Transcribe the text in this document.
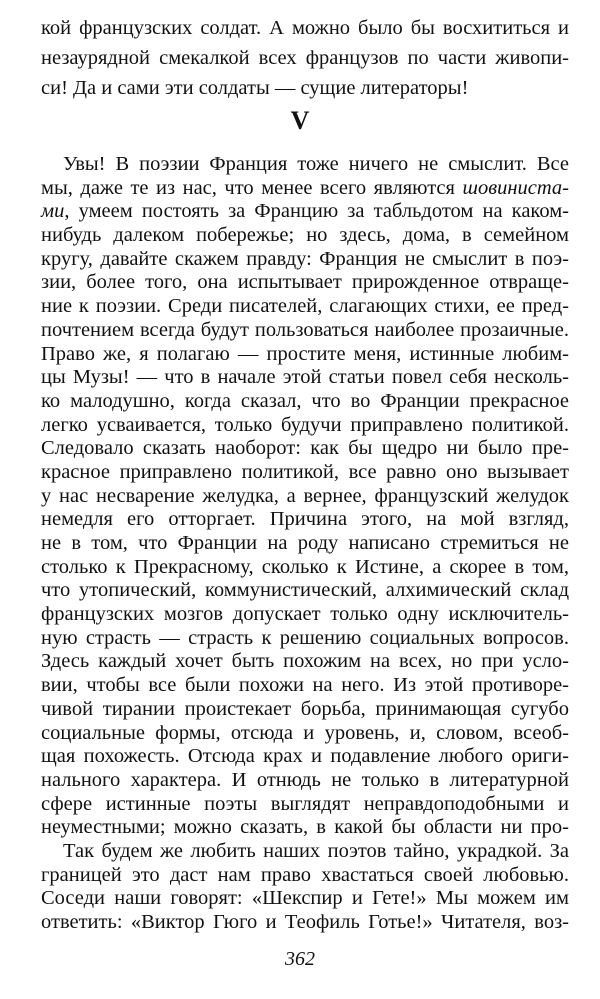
кой французских солдат. А можно было бы восхититься и
незаурядной смекалкой всех французов по части живопи-
си! Да и сами эти солдаты — сущие литераторы!
V
Увы! В поэзии Франция тоже ничего не смыслит. Все
мы, даже те из нас, что менее всего являются шовиниста-
ми, умеем постоять за Францию за табльдотом на каком-
нибудь далеком побережье; но здесь, дома, в семейном
кругу, давайте скажем правду: Франция не смыслит в поэ-
зии, более того, она испытывает прирожденное отвраще-
ние к поэзии. Среди писателей, слагающих стихи, ее пред-
почтением всегда будут пользоваться наиболее прозаичные.
Право же, я полагаю — простите меня, истинные любим-
цы Музы! — что в начале этой статьи повел себя несколь-
ко малодушно, когда сказал, что во Франции прекрасное
легко усваивается, только будучи приправлено политикой.
Следовало сказать наоборот: как бы щедро ни было пре-
красное приправлено политикой, все равно оно вызывает
у нас несварение желудка, а вернее, французский желудок
немедля его отторгает. Причина этого, на мой взгляд,
не в том, что Франции на роду написано стремиться не
столько к Прекрасному, сколько к Истине, а скорее в том,
что утопический, коммунистический, алхимический склад
французских мозгов допускает только одну исключитель-
ную страсть — страсть к решению социальных вопросов.
Здесь каждый хочет быть похожим на всех, но при услo-
вии, чтобы все были похожи на него. Из этой противоре-
чивой тирании проистекает борьба, принимающая сугубо
социальные формы, отсюда и уровень, и, словом, всеоб-
щая похожесть. Отсюда крах и подавление любого ориги-
нального характера. И отнюдь не только в литературной
сфере истинные поэты выглядят неправдоподобными и
неуместными; можно сказать, в какой бы области ни про-
Так будем же любить наших поэтов тайно, украдкой. За
границей это даст нам право хвастаться своей любовью.
Соседи наши говорят: «Шекспир и Гете!» Мы можем им
ответить: «Виктор Гюго и Теофиль Готье!» Читателя, воз-
362
